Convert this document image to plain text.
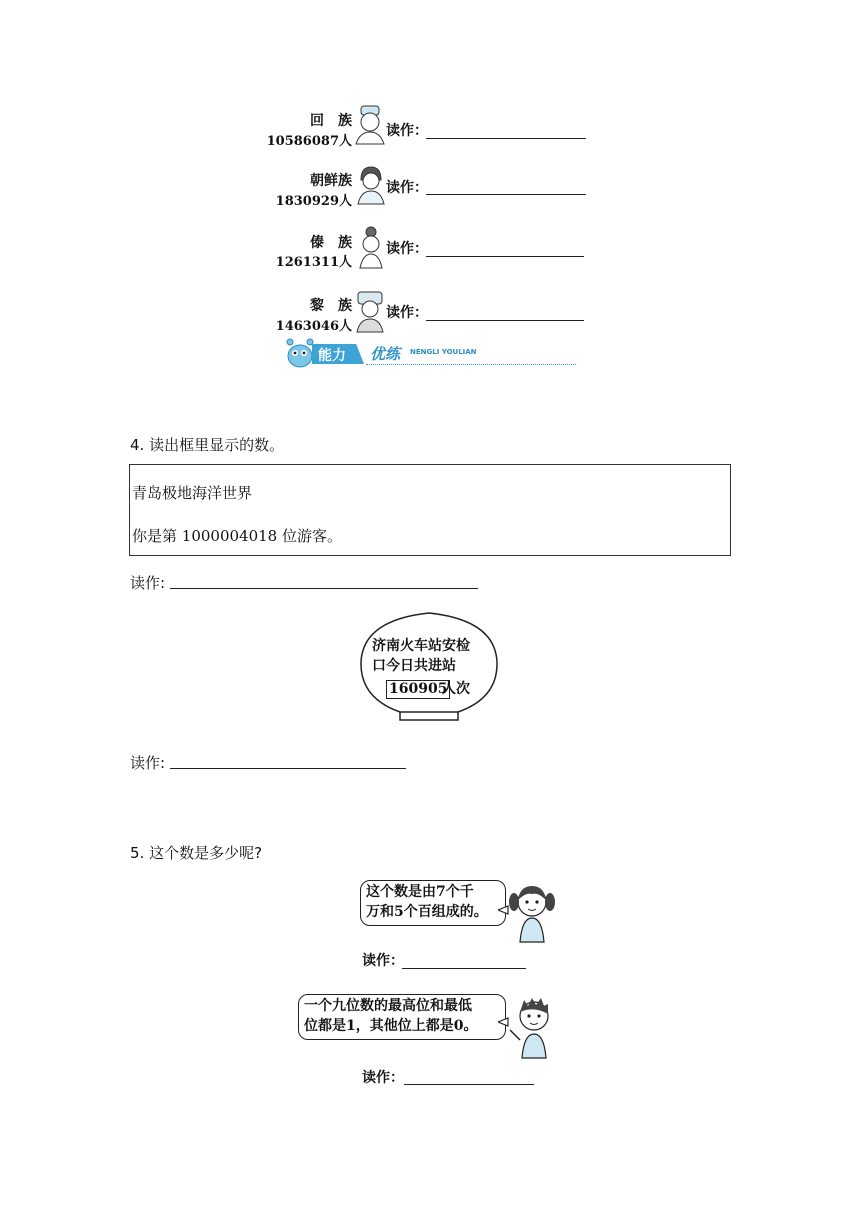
回　族
10586087人
读作：
朝鲜族
1830929人
读作：
傣　族
1261311人
读作：
黎　族
1463046人
读作：
能力 优练 NENGLI YOULIAN
4. 读出框里显示的数。
青岛极地海洋世界
你是第 1000004018 位游客。
读作:
济南火车站安检
口今日共进站
160905
人次
读作:
5. 这个数是多少呢?
这个数是由7个千
万和5个百组成的。
读作：
一个九位数的最高位和最低
位都是1，其他位上都是0。
读作：
